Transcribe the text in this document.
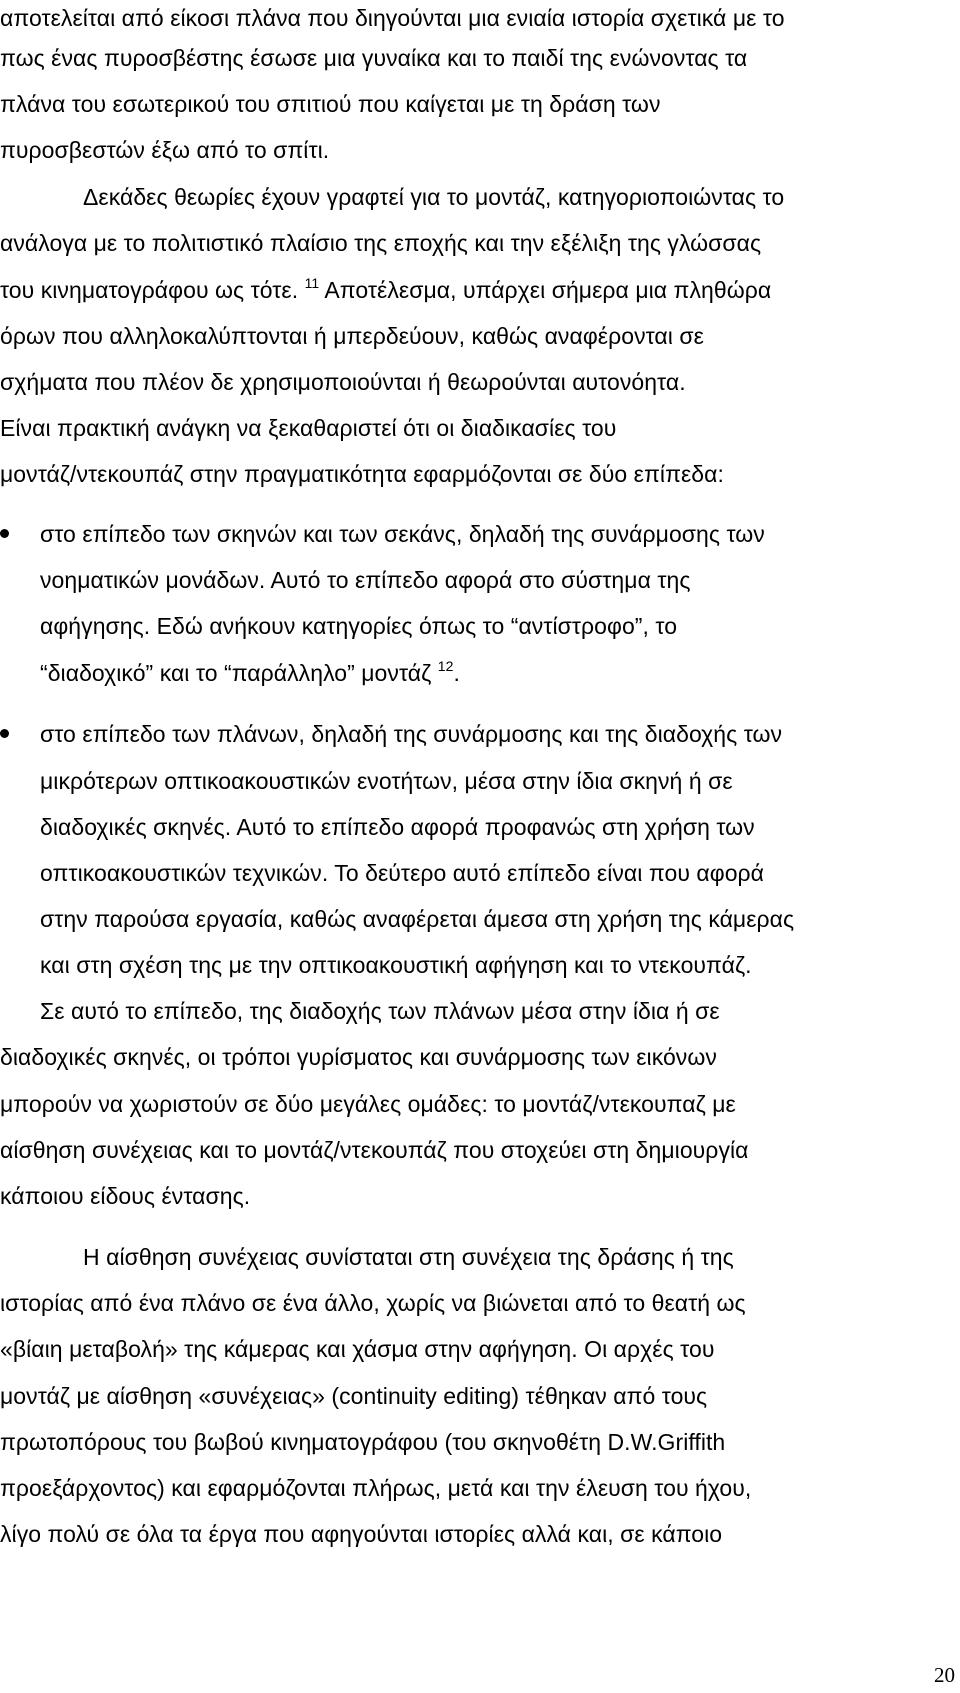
αποτελείται από είκοσι πλάνα που διηγούνται μια ενιαία ιστορία σχετικά με το
πως ένας πυροσβέστης έσωσε μια γυναίκα και το παιδί της ενώνοντας τα
πλάνα του εσωτερικού του σπιτιού που καίγεται με τη δράση των
πυροσβεστών έξω από το σπίτι.
Δεκάδες θεωρίες έχουν γραφτεί για το μοντάζ, κατηγοριοποιώντας το
ανάλογα με το πολιτιστικό πλαίσιο της εποχής και την εξέλιξη της γλώσσας
του κινηματογράφου ως τότε. $^{11}$ Αποτέλεσμα, υπάρχει σήμερα μια πληθώρα
όρων που αλληλοκαλύπτονται ή μπερδεύουν, καθώς αναφέρονται σε
σχήματα που πλέον δε χρησιμοποιούνται ή θεωρούνται αυτονόητα.
Είναι πρακτική ανάγκη να ξεκαθαριστεί ότι οι διαδικασίες του
μοντάζ/ντεκουπάζ στην πραγματικότητα εφαρμόζονται σε δύο επίπεδα:
στο επίπεδο των σκηνών και των σεκάνς, δηλαδή της συνάρμοσης των
νοηματικών μονάδων. Αυτό το επίπεδο αφορά στο σύστημα της
αφήγησης. Εδώ ανήκουν κατηγορίες όπως το “αντίστροφο”, το
“διαδοχικό” και το “παράλληλο” μοντάζ $^{12}$.
στο επίπεδο των πλάνων, δηλαδή της συνάρμοσης και της διαδοχής των
μικρότερων οπτικοακουστικών ενοτήτων, μέσα στην ίδια σκηνή ή σε
διαδοχικές σκηνές. Αυτό το επίπεδο αφορά προφανώς στη χρήση των
οπτικοακουστικών τεχνικών. Το δεύτερο αυτό επίπεδο είναι που αφορά
στην παρούσα εργασία, καθώς αναφέρεται άμεσα στη χρήση της κάμερας
και στη σχέση της με την οπτικοακουστική αφήγηση και το ντεκουπάζ.
Σε αυτό το επίπεδο, της διαδοχής των πλάνων μέσα στην ίδια ή σε
διαδοχικές σκηνές, οι τρόποι γυρίσματος και συνάρμοσης των εικόνων
μπορούν να χωριστούν σε δύο μεγάλες ομάδες: το μοντάζ/ντεκουπαζ με
αίσθηση συνέχειας και το μοντάζ/ντεκουπάζ που στοχεύει στη δημιουργία
κάποιου είδους έντασης.
Η αίσθηση συνέχειας συνίσταται στη συνέχεια της δράσης ή της
ιστορίας από ένα πλάνο σε ένα άλλο, χωρίς να βιώνεται από το θεατή ως
«βίαιη μεταβολή» της κάμερας και χάσμα στην αφήγηση. Οι αρχές του
μοντάζ με αίσθηση «συνέχειας» (continuity editing) τέθηκαν από τους
πρωτοπόρους του βωβού κινηματογράφου (του σκηνοθέτη D.W.Griffith
προεξάρχοντος) και εφαρμόζονται πλήρως, μετά και την έλευση του ήχου,
λίγο πολύ σε όλα τα έργα που αφηγούνται ιστορίες αλλά και, σε κάποιο
20
